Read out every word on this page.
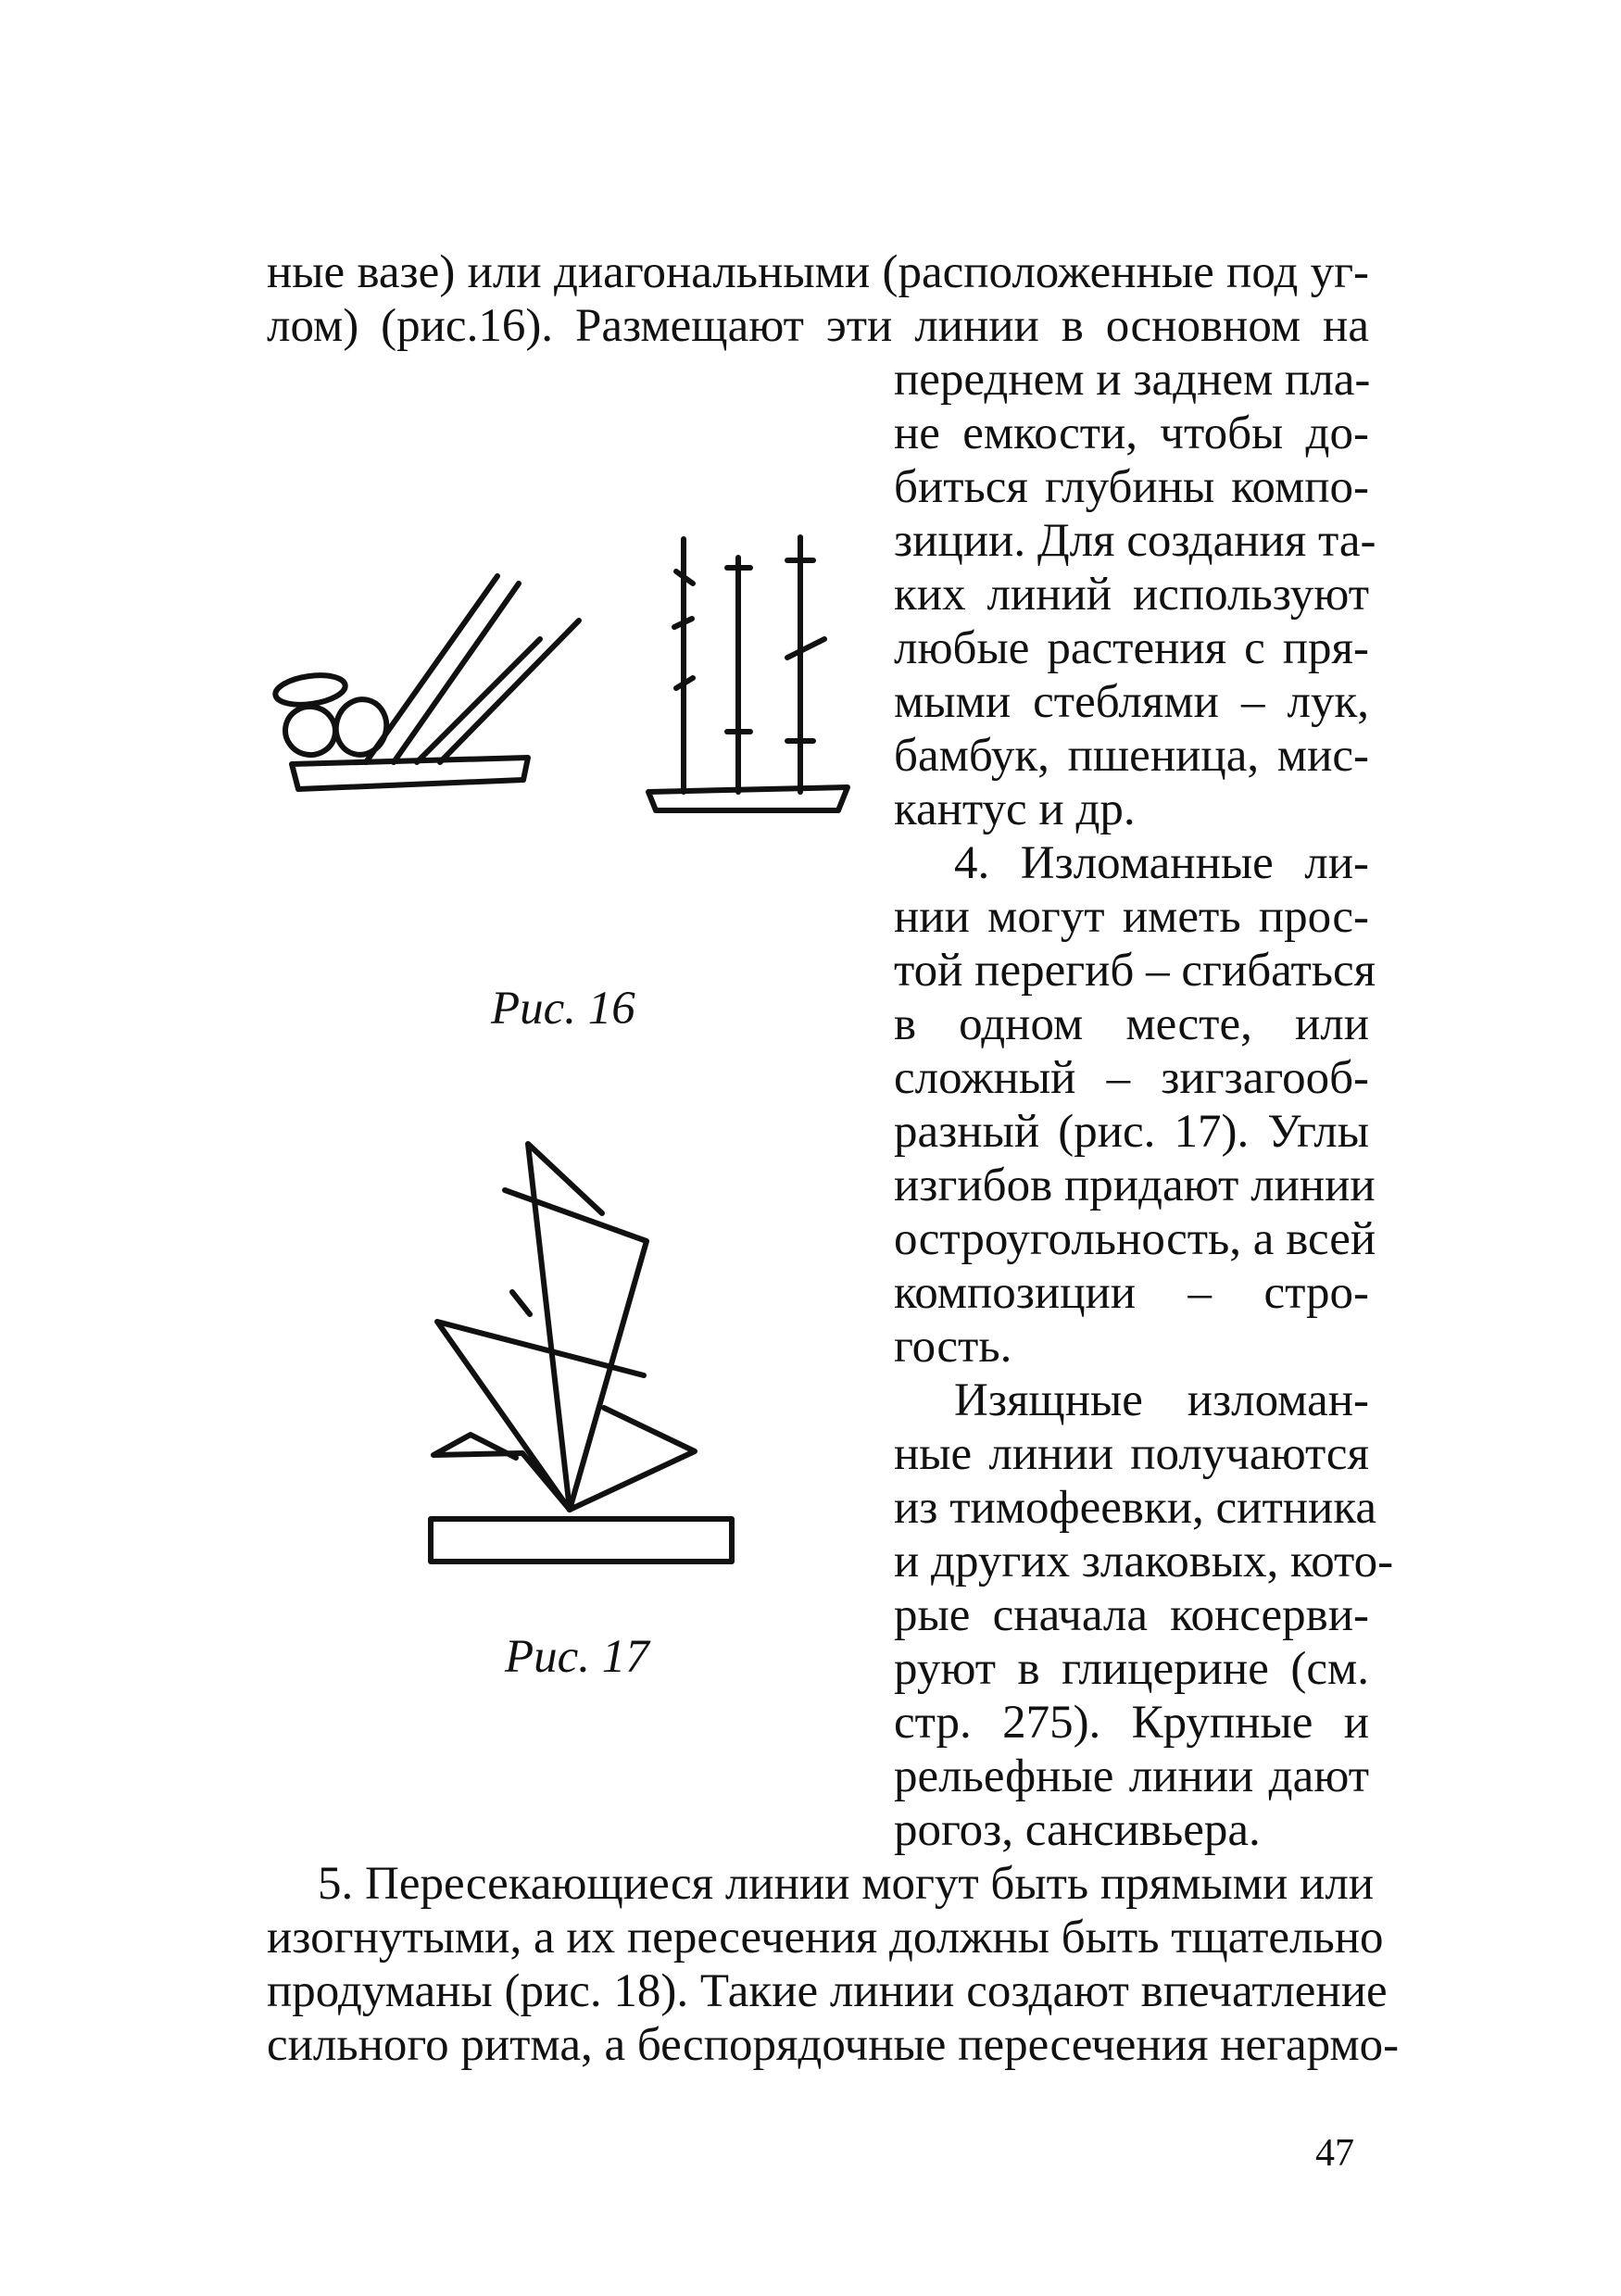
ные вазе) или диагональными (расположенные под уг-
лом) (рис.16). Размещают эти линии в основном на
переднем и заднем пла-
не емкости, чтобы до-
биться глубины компо-
зиции. Для создания та-
ких линий используют
любые растения с пря-
мыми стеблями – лук,
бамбук, пшеница, мис-
кантус и др.
4. Изломанные ли-
нии могут иметь прос-
той перегиб – сгибаться
в одном месте, или
сложный – зигзагооб-
разный (рис. 17). Углы
изгибов придают линии
остроугольность, а всей
композиции – стро-
гость.
Изящные изломан-
ные линии получаются
из тимофеевки, ситника
и других злаковых, кото-
рые сначала консерви-
руют в глицерине (см.
стр. 275). Крупные и
рельефные линии дают
рогоз, сансивьера.
5. Пересекающиеся линии могут быть прямыми или
изогнутыми, а их пересечения должны быть тщательно
продуманы (рис. 18). Такие линии создают впечатление
сильного ритма, а беспорядочные пересечения негармо-
Рис. 16
Рис. 17
47
